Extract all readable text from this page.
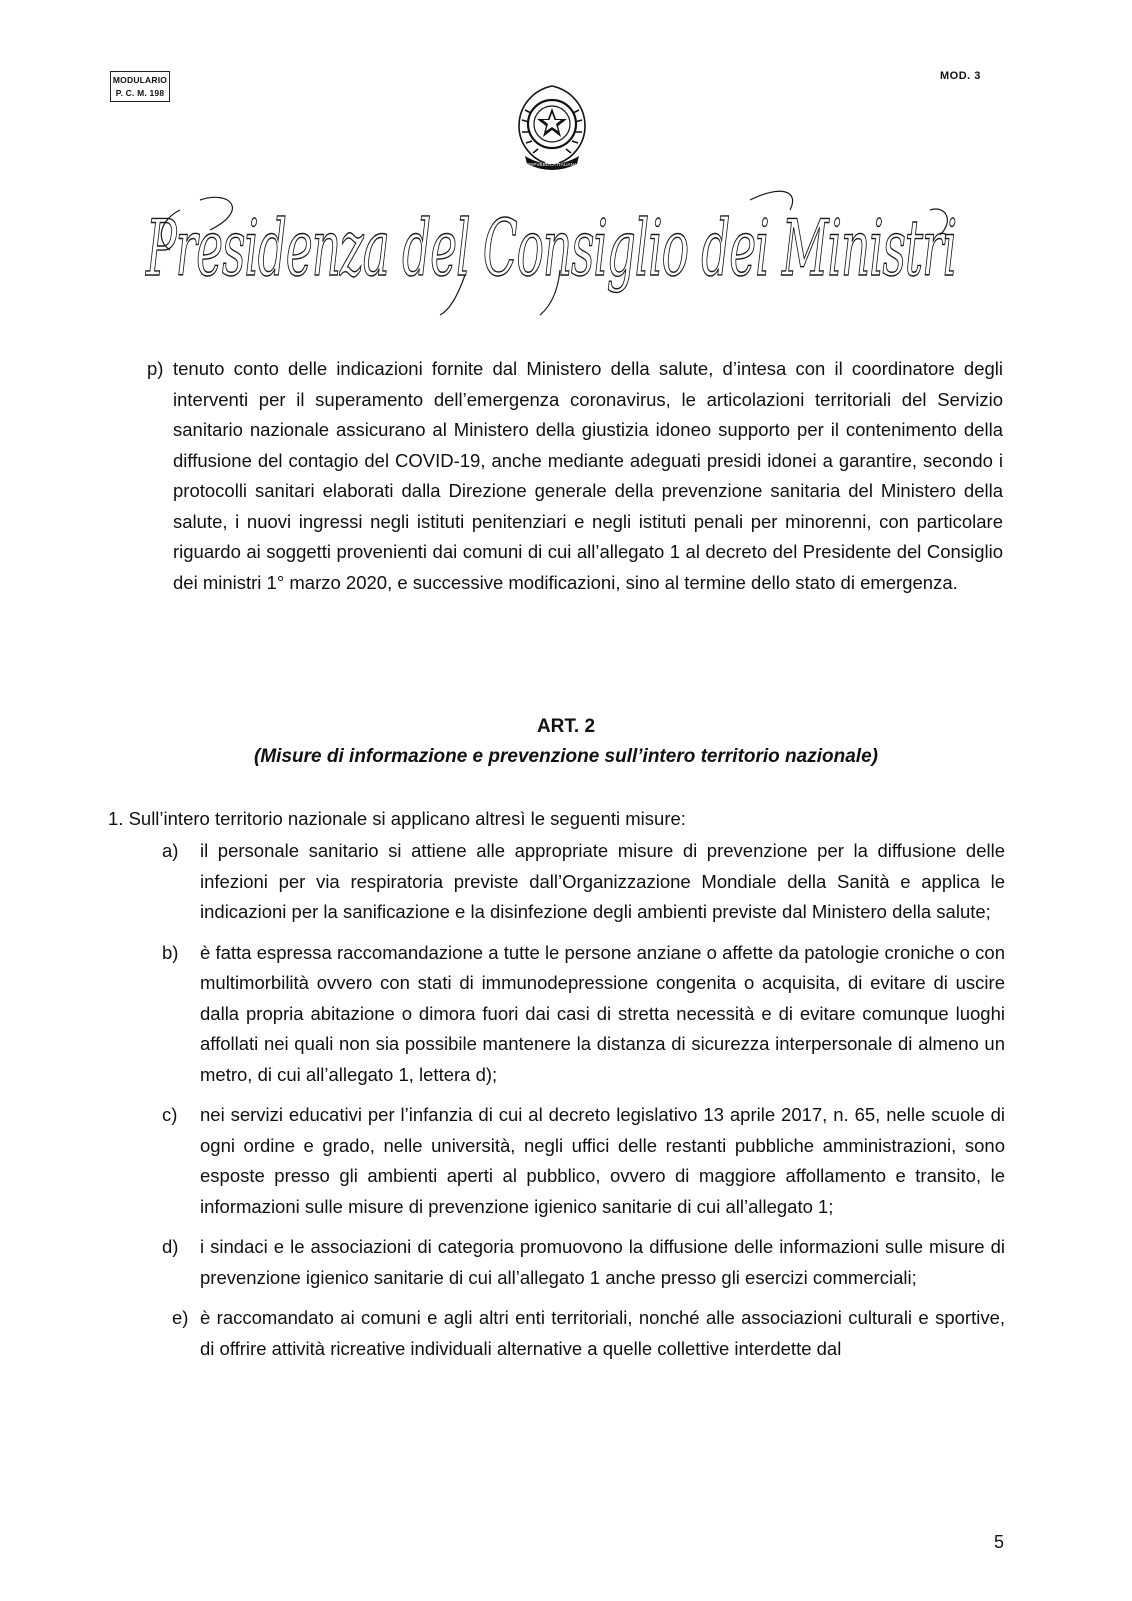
MODULARIO
P. C. M. 198
MOD. 3
REPVBBLICA ITALIANA
Presidenza del Consiglio dei Ministri
p) tenuto conto delle indicazioni fornite dal Ministero della salute, d’intesa con il coordinatore degli interventi per il superamento dell’emergenza coronavirus, le articolazioni territoriali del Servizio sanitario nazionale assicurano al Ministero della giustizia idoneo supporto per il contenimento della diffusione del contagio del COVID-19, anche mediante adeguati presidi idonei a garantire, secondo i protocolli sanitari elaborati dalla Direzione generale della prevenzione sanitaria del Ministero della salute, i nuovi ingressi negli istituti penitenziari e negli istituti penali per minorenni, con particolare riguardo ai soggetti provenienti dai comuni di cui all’allegato 1 al decreto del Presidente del Consiglio dei ministri 1° marzo 2020, e successive modificazioni, sino al termine dello stato di emergenza.
ART. 2
(Misure di informazione e prevenzione sull’intero territorio nazionale)
1. Sull’intero territorio nazionale si applicano altresì le seguenti misure:
a) il personale sanitario si attiene alle appropriate misure di prevenzione per la diffusione delle infezioni per via respiratoria previste dall’Organizzazione Mondiale della Sanità e applica le indicazioni per la sanificazione e la disinfezione degli ambienti previste dal Ministero della salute;
b) è fatta espressa raccomandazione a tutte le persone anziane o affette da patologie croniche o con multimorbilità ovvero con stati di immunodepressione congenita o acquisita, di evitare di uscire dalla propria abitazione o dimora fuori dai casi di stretta necessità e di evitare comunque luoghi affollati nei quali non sia possibile mantenere la distanza di sicurezza interpersonale di almeno un metro, di cui all’allegato 1, lettera d);
c) nei servizi educativi per l’infanzia di cui al decreto legislativo 13 aprile 2017, n. 65, nelle scuole di ogni ordine e grado, nelle università, negli uffici delle restanti pubbliche amministrazioni, sono esposte presso gli ambienti aperti al pubblico, ovvero di maggiore affollamento e transito, le informazioni sulle misure di prevenzione igienico sanitarie di cui all’allegato 1;
d) i sindaci e le associazioni di categoria promuovono la diffusione delle informazioni sulle misure di prevenzione igienico sanitarie di cui all’allegato 1 anche presso gli esercizi commerciali;
e) è raccomandato ai comuni e agli altri enti territoriali, nonché alle associazioni culturali e sportive, di offrire attività ricreative individuali alternative a quelle collettive interdette dal
5
